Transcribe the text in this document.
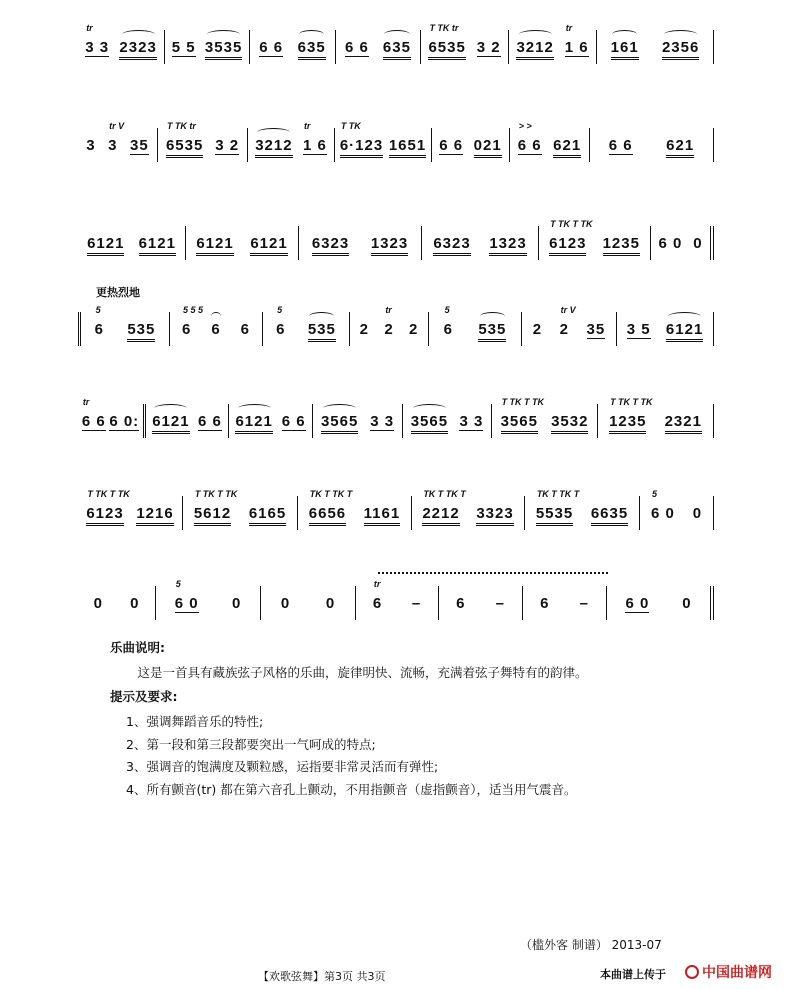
tr
3 3 2323 5 5 3535 6 6 635 6 6 635
T TK tr
6535 3 2 3212
tr
1 6 161 2356
3
tr V
3 35
T TK tr
6535 3 2 3212
tr
1 6
T TK
6·123 1651 6 6 021
> >
6 6 621 6 6 621
6121 6121 6121 6121 6323 1323 6323 1323
T TK T TK
6123 1235 6 0 0
更热烈地
5
6 535
5 5 5
6 6 6
5
6 535 2
tr
2 2
5
6 535 2
tr V
2 35 3 5 6121
tr
6 6 6 0: 6121 6 6 6121 6 6 3565 3 3 3565 3 3
T TK T TK
3565 3532
T TK T TK
1235 2321
T TK T TK
6123 1216
T TK T TK
5612 6165
TK T TK T
6656 1161
TK T TK T
2212 3323
TK T TK T
5535 6635
5
6 0 0
0 0
5
6 0 0	0 0
tr
6 – 6 – 6 – 6 0 0

乐曲说明:

这是一首具有藏族弦子风格的乐曲，旋律明快、流畅，充满着弦子舞特有的韵律。

提示及要求:

1、强调舞蹈音乐的特性;
2、第一段和第三段都要突出一气呵成的特点;
3、强调音的饱满度及颗粒感，运指要非常灵活而有弹性;
4、所有颤音(tr) 都在第六音孔上颤动，不用指颤音（虚指颤音），适当用气震音。
（槛外客 制谱） 2013-07
【欢歌弦舞】第3页 共3页	本曲谱上传于	中国曲谱网
